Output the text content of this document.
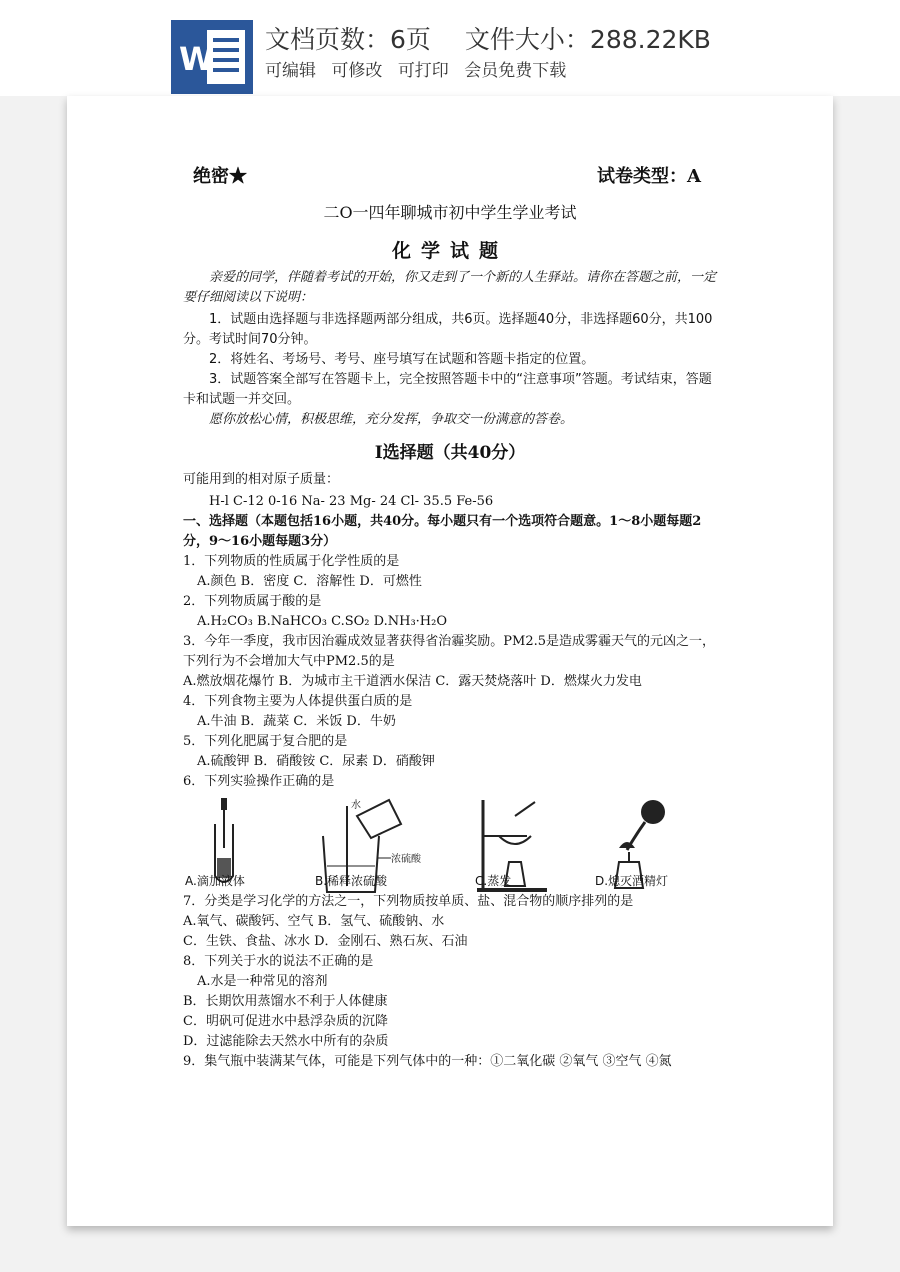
W
文档页数：6页 文件大小：288.22KB
可编辑 可修改 可打印 会员免费下载
绝密★	试卷类型：A
二O一四年聊城市初中学生学业考试
化学试题
亲爱的同学，伴随着考试的开始，你又走到了一个新的人生驿站。请你在答题之前，一定要仔细阅读以下说明：
1．试题由选择题与非选择题两部分组成，共6页。选择题40分，非选择题60分，共100分。考试时间70分钟。
2．将姓名、考场号、考号、座号填写在试题和答题卡指定的位置。
3．试题答案全部写在答题卡上，完全按照答题卡中的“注意事项”答题。考试结束，答题卡和试题一并交回。
愿你放松心情，积极思维，充分发挥，争取交一份满意的答卷。
Ⅰ选择题（共40分）
可能用到的相对原子质量：
H-l C-12 0-16 Na- 23 Mg- 24 Cl- 35.5 Fe-56
一、选择题（本题包括16小题，共40分。每小题只有一个选项符合题意。1～8小题每题2分，9～16小题每题3分）
1．下列物质的性质属于化学性质的是
A.颜色 B．密度 C．溶解性 D．可燃性
2．下列物质属于酸的是
A.H₂CO₃ B.NaHCO₃ C.SO₂ D.NH₃·H₂O
3．今年一季度，我市因治霾成效显著获得省治霾奖励。PM2.5是造成雾霾天气的元凶之一，下列行为不会增加大气中PM2.5的是
A.燃放烟花爆竹 B．为城市主干道洒水保洁 C．露天焚烧落叶 D．燃煤火力发电
4．下列食物主要为人体提供蛋白质的是
A.牛油 B．蔬菜 C．米饭 D．牛奶
5．下列化肥属于复合肥的是
A.硫酸钾 B．硝酸铵 C．尿素 D．硝酸钾
6．下列实验操作正确的是
A.滴加液体
水
浓硫酸
B.稀释浓硫酸	C.蒸发	D.熄灭酒精灯
7．分类是学习化学的方法之一，下列物质按单质、盐、混合物的顺序排列的是
A.氧气、碳酸钙、空气 B．氢气、硫酸钠、水
C．生铁、食盐、冰水 D．金刚石、熟石灰、石油
8．下列关于水的说法不正确的是
A.水是一种常见的溶剂
B．长期饮用蒸馏水不利于人体健康
C．明矾可促进水中悬浮杂质的沉降
D．过滤能除去天然水中所有的杂质
9．集气瓶中装满某气体，可能是下列气体中的一种：①二氧化碳 ②氧气 ③空气 ④氮
